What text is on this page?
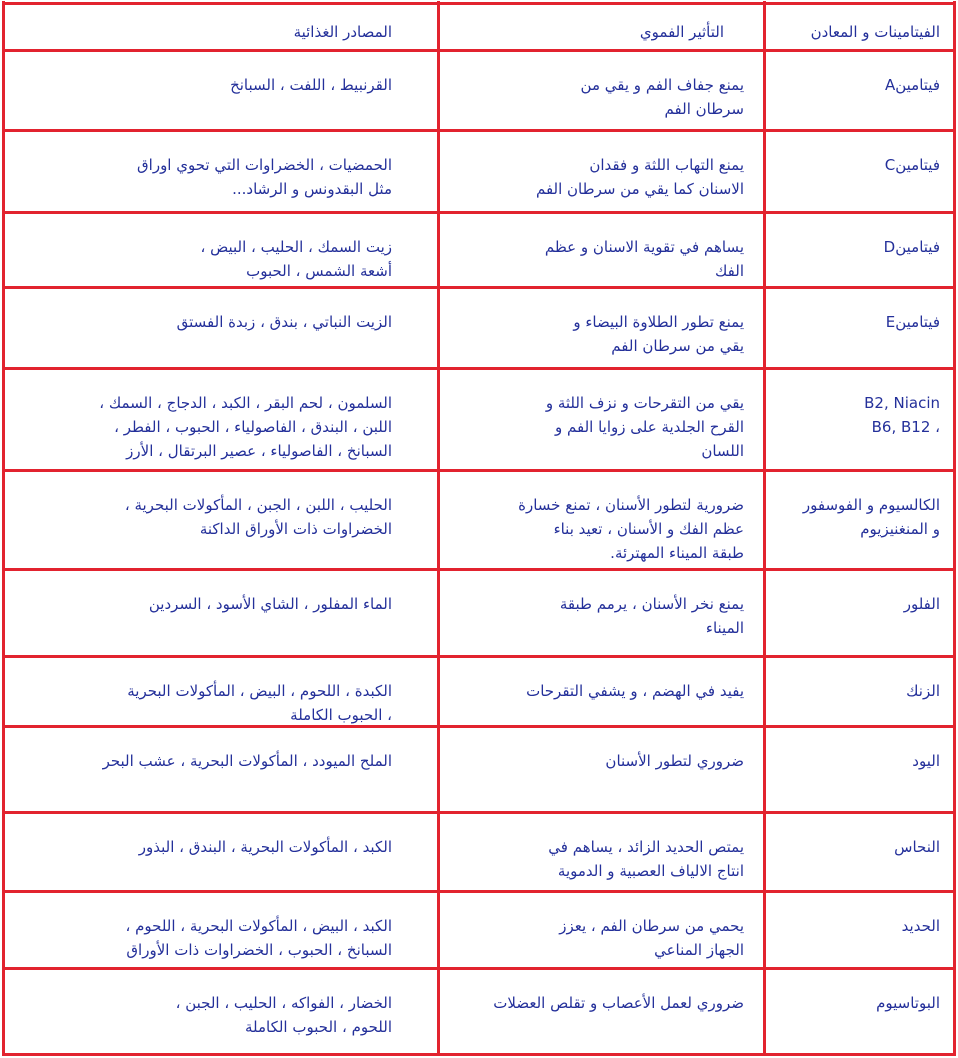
الفيتامينات و المعادن
التأثير الفموي
المصادر الغذائية
فيتامينA
يمنع جفاف الفم و يقي من
سرطان الفم
القرنبيط ، اللفت ، السبانخ
فيتامينC
يمنع التهاب اللثة و فقدان
الاسنان كما يقي من سرطان الفم
الحمضيات ، الخضراوات التي تحوي اوراق
مثل البقدونس و الرشاد...
فيتامينD
يساهم في تقوية الاسنان و عظم
الفك
زيت السمك ، الحليب ، البيض ،
أشعة الشمس ، الحبوب
فيتامينE
يمنع تطور الطلاوة البيضاء و
يقي من سرطان الفم
الزيت النباتي ، بندق ، زبدة الفستق
B2, Niacin
، B6, B12
يقي من التقرحات و نزف اللثة و
القرح الجلدية على زوايا الفم و
اللسان
السلمون ، لحم البقر ، الكبد ، الدجاج ، السمك ،
اللبن ، البندق ، الفاصولياء ، الحبوب ، الفطر ،
السبانخ ، الفاصولياء ، عصير البرتقال ، الأرز
الكالسيوم و الفوسفور
و المنغنيزيوم
ضرورية لتطور الأسنان ، تمنع خسارة
عظم الفك و الأسنان ، تعيد بناء
طبقة الميناء المهترئة.
الحليب ، اللبن ، الجبن ، المأكولات البحرية ،
الخضراوات ذات الأوراق الداكنة
الفلور
يمنع نخر الأسنان ، يرمم طبقة
الميناء
الماء المفلور ، الشاي الأسود ، السردين
الزنك
يفيد في الهضم ، و يشفي التقرحات
الكبدة ، اللحوم ، البيض ، المأكولات البحرية
، الحبوب الكاملة
اليود
ضروري لتطور الأسنان
الملح الميودد ، المأكولات البحرية ، عشب البحر
النحاس
يمتص الحديد الزائد ، يساهم في
انتاج الالياف العصبية و الدموية
الكبد ، المأكولات البحرية ، البندق ، البذور
الحديد
يحمي من سرطان الفم ، يعزز
الجهاز المناعي
الكبد ، البيض ، المأكولات البحرية ، اللحوم ،
السبانخ ، الحبوب ، الخضراوات ذات الأوراق
البوتاسيوم
ضروري لعمل الأعصاب و تقلص العضلات
الخضار ، الفواكه ، الحليب ، الجبن ،
اللحوم ، الحبوب الكاملة
